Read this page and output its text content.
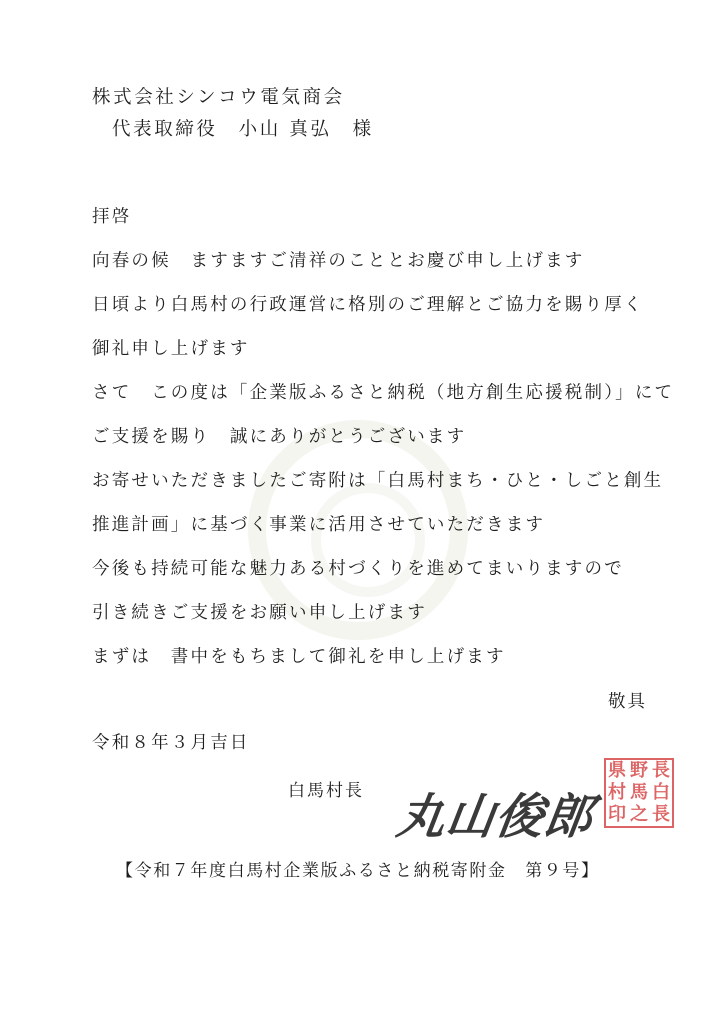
株式会社シンコウ電気商会
代表取締役　小山 真弘　様
拝啓
向春の候　ますますご清祥のこととお慶び申し上げます
日頃より白馬村の行政運営に格別のご理解とご協力を賜り厚く
御礼申し上げます
さて　この度は「企業版ふるさと納税（地方創生応援税制）」にて
ご支援を賜り　誠にありがとうございます
お寄せいただきましたご寄附は「白馬村まち・ひと・しごと創生
推進計画」に基づく事業に活用させていただきます
今後も持続可能な魅力ある村づくりを進めてまいりますので
引き続きご支援をお願い申し上げます
まずは　書中をもちまして御礼を申し上げます
敬具
令和８年３月吉日
白馬村長 丸山俊郎
県 野 長
村 馬 白
印 之 長
【令和７年度白馬村企業版ふるさと納税寄附金　第９号】
